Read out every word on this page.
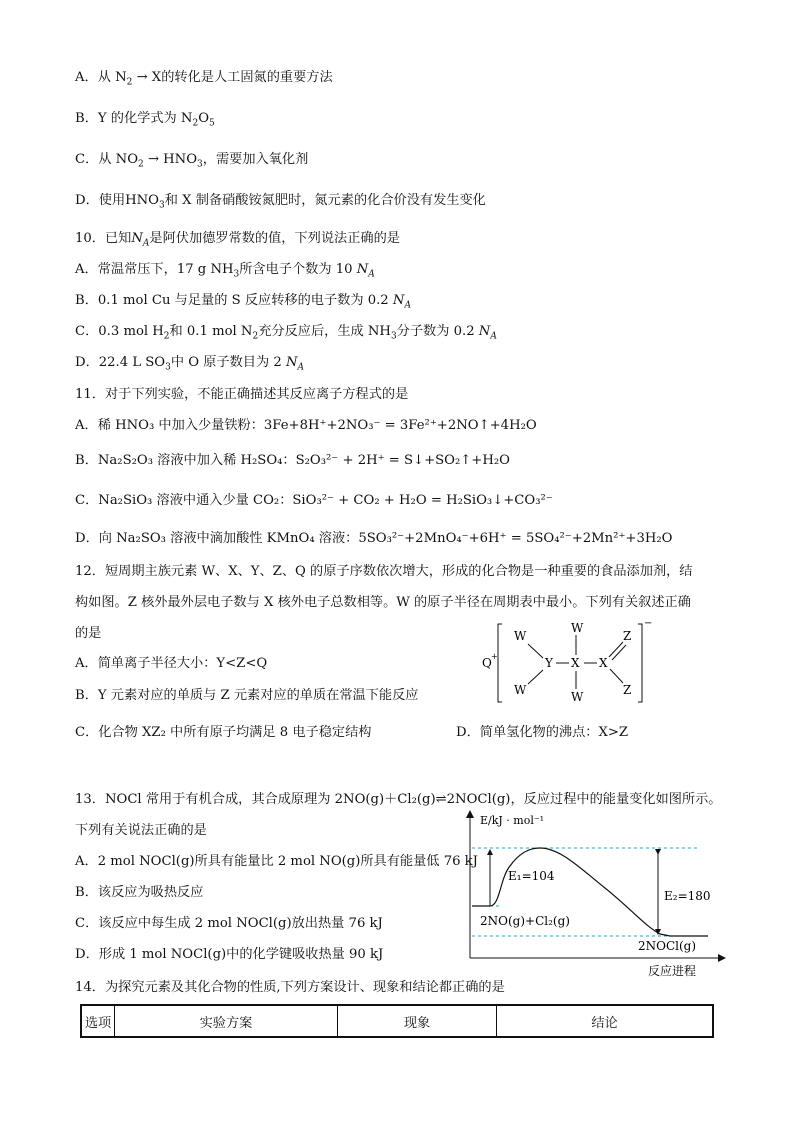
A．从 $N_2 \to X$的转化是人工固氮的重要方法
B．Y 的化学式为 $N_2O_5$
C．从 $NO_2 \to HNO_3$，需要加入氧化剂
D．使用$HNO_3$和 X 制备硝酸铵氮肥时，氮元素的化合价没有发生变化
10．已知$N_A$是阿伏加德罗常数的值，下列说法正确的是
A．常温常压下，17 g $NH_3$所含电子个数为 10 $N_A$
B．0.1 mol Cu 与足量的 S 反应转移的电子数为 0.2 $N_A$
C．0.3 mol $H_2$和 0.1 mol $N_2$充分反应后，生成 $NH_3$分子数为 0.2 $N_A$
D．22.4 L $SO_3$中 O 原子数目为 2 $N_A$
11．对于下列实验，不能正确描述其反应离子方程式的是
A．稀 HNO₃ 中加入少量铁粉：3Fe+8H⁺+2NO₃⁻ = 3Fe²⁺+2NO↑+4H₂O
B．Na₂S₂O₃ 溶液中加入稀 H₂SO₄：S₂O₃²⁻ + 2H⁺ = S↓+SO₂↑+H₂O
C．Na₂SiO₃ 溶液中通入少量 CO₂：SiO₃²⁻ + CO₂ + H₂O = H₂SiO₃↓+CO₃²⁻
D．向 Na₂SO₃ 溶液中滴加酸性 KMnO₄ 溶液：5SO₃²⁻+2MnO₄⁻+6H⁺ = 5SO₄²⁻+2Mn²⁺+3H₂O
12．短周期主族元素 W、X、Y、Z、Q 的原子序数依次增大，形成的化合物是一种重要的食品添加剂，结
构如图。Z 核外最外层电子数与 X 核外电子总数相等。W 的原子半径在周期表中最小。下列有关叙述正确
的是
A．简单离子半径大小：Y<Z<Q
B．Y 元素对应的单质与 Z 元素对应的单质在常温下能反应
C．化合物 XZ₂ 中所有原子均满足 8 电子稳定结构	D．简单氢化物的沸点：X>Z
Q +
W
W
W
W
Y X X
Z
Z
−
13．NOCl 常用于有机合成，其合成原理为 2NO(g)＋Cl₂(g)⇌2NOCl(g)，反应过程中的能量变化如图所示。
下列有关说法正确的是
A．2 mol NOCl(g)所具有能量比 2 mol NO(g)所具有能量低 76 kJ
B．该反应为吸热反应
C．该反应中每生成 2 mol NOCl(g)放出热量 76 kJ
D．形成 1 mol NOCl(g)中的化学键吸收热量 90 kJ
E/kJ · mol⁻¹
反应进程
E₁=104
E₂=180
2NO(g)+Cl₂(g)
2NOCl(g)
14．为探究元素及其化合物的性质,下列方案设计、现象和结论都正确的是
选项	实验方案	现象	结论
